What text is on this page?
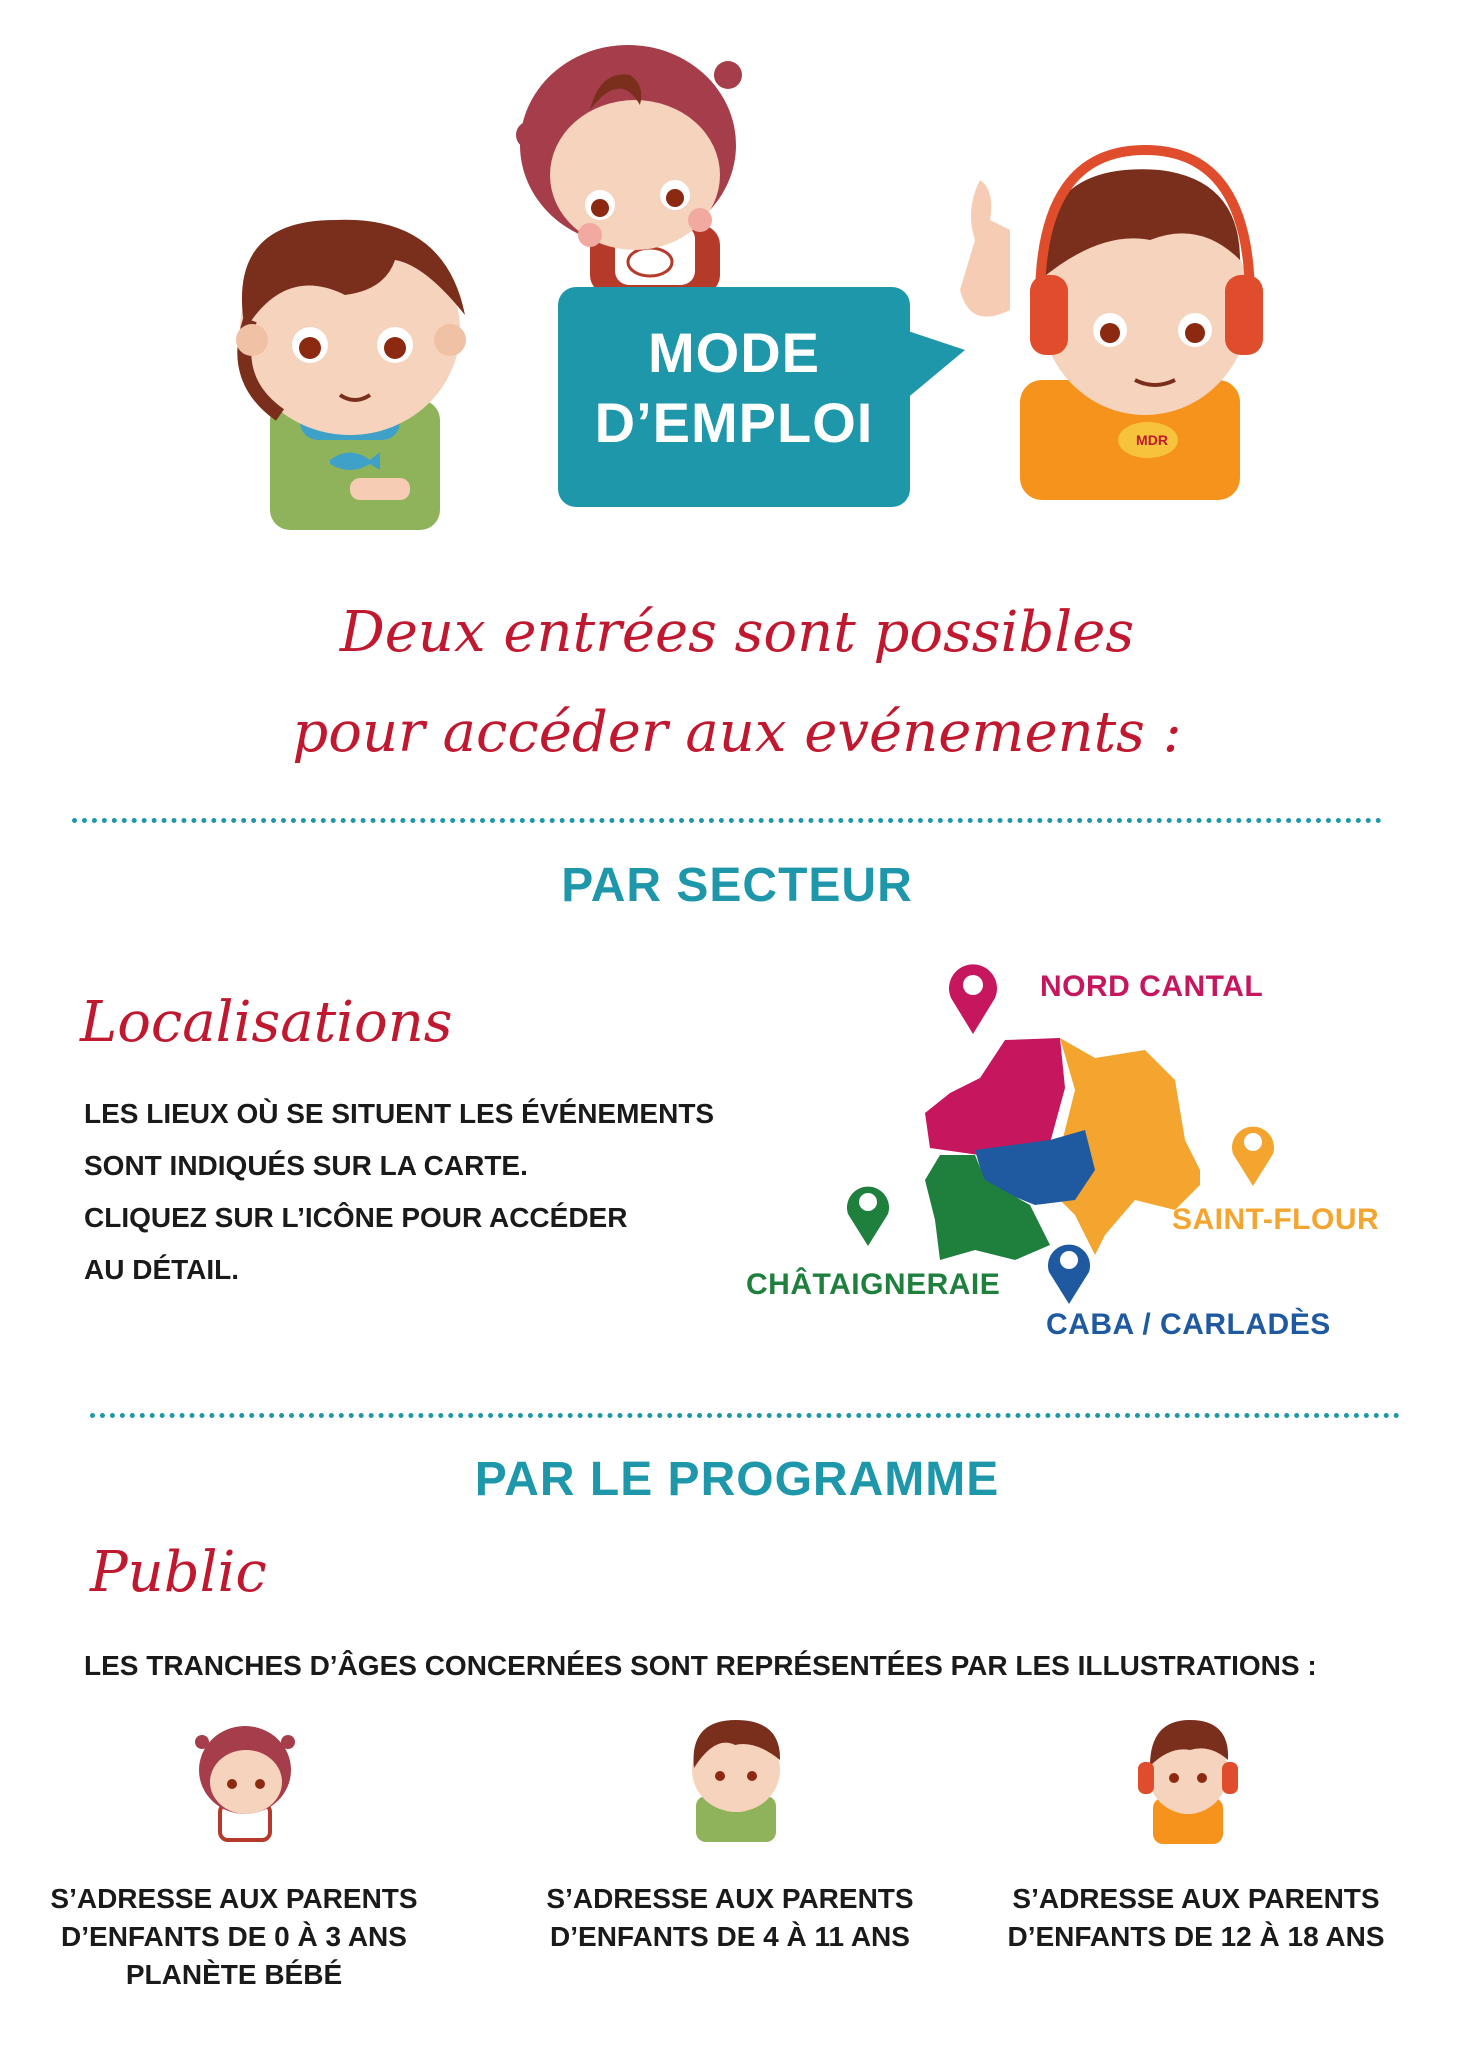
MODE
D’EMPLOI	MDR
Deux entrées sont possibles
pour accéder aux evénements :
PAR SECTEUR
Localisations
LES LIEUX OÙ SE SITUENT LES ÉVÉNEMENTS
SONT INDIQUÉS SUR LA CARTE.
CLIQUEZ SUR L’ICÔNE POUR ACCÉDER
AU DÉTAIL.
NORD CANTAL
SAINT-FLOUR
CHÂTAIGNERAIE
CABA / CARLADÈS
PAR LE PROGRAMME
Public
LES TRANCHES D’ÂGES CONCERNÉES SONT REPRÉSENTÉES PAR LES ILLUSTRATIONS :
S’ADRESSE AUX PARENTS
D’ENFANTS DE 0 À 3 ANS
PLANÈTE BÉBÉ
S’ADRESSE AUX PARENTS
D’ENFANTS DE 4 À 11 ANS
S’ADRESSE AUX PARENTS
D’ENFANTS DE 12 À 18 ANS
